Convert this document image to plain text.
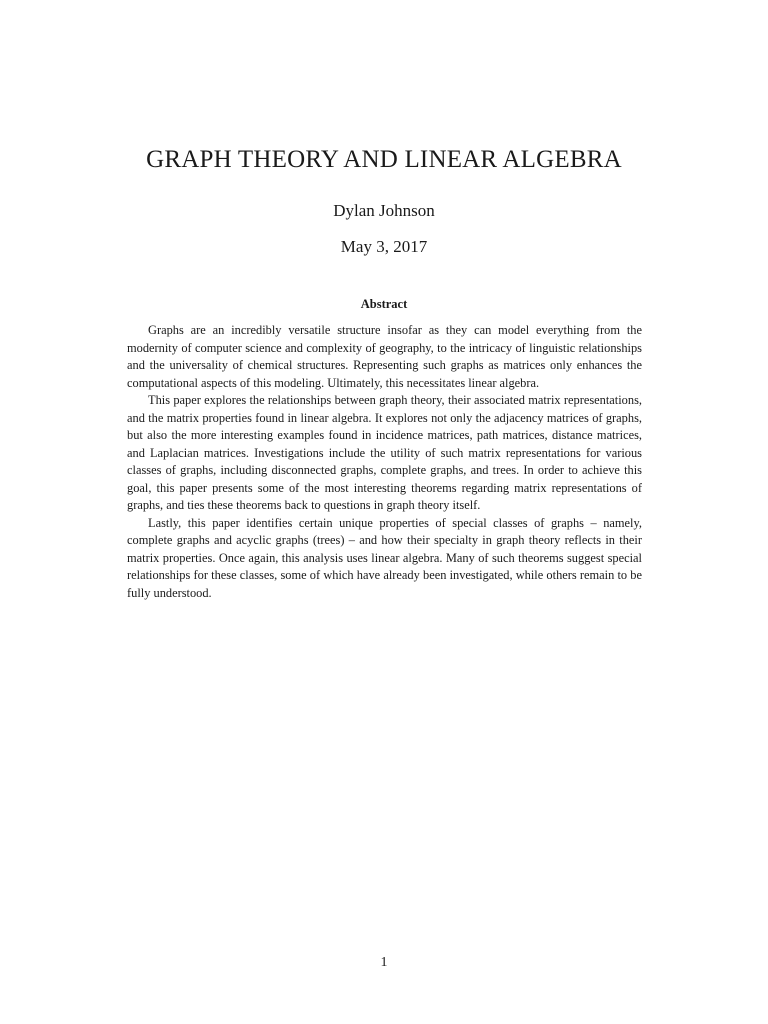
GRAPH THEORY AND LINEAR ALGEBRA
Dylan Johnson
May 3, 2017
Abstract

Graphs are an incredibly versatile structure insofar as they can model everything from the modernity of computer science and complexity of geography, to the intricacy of linguistic relationships and the universality of chemical structures. Representing such graphs as matrices only enhances the computational aspects of this modeling. Ultimately, this necessitates linear algebra.

This paper explores the relationships between graph theory, their associated matrix representations, and the matrix properties found in linear algebra. It explores not only the adjacency matrices of graphs, but also the more interesting examples found in incidence matrices, path matrices, distance matrices, and Laplacian matrices. Investigations include the utility of such matrix representations for various classes of graphs, including disconnected graphs, complete graphs, and trees. In order to achieve this goal, this paper presents some of the most interesting theorems regarding matrix representations of graphs, and ties these theorems back to questions in graph theory itself.

Lastly, this paper identifies certain unique properties of special classes of graphs – namely, complete graphs and acyclic graphs (trees) – and how their specialty in graph theory reflects in their matrix properties. Once again, this analysis uses linear algebra. Many of such theorems suggest special relationships for these classes, some of which have already been investigated, while others remain to be fully understood.

1
